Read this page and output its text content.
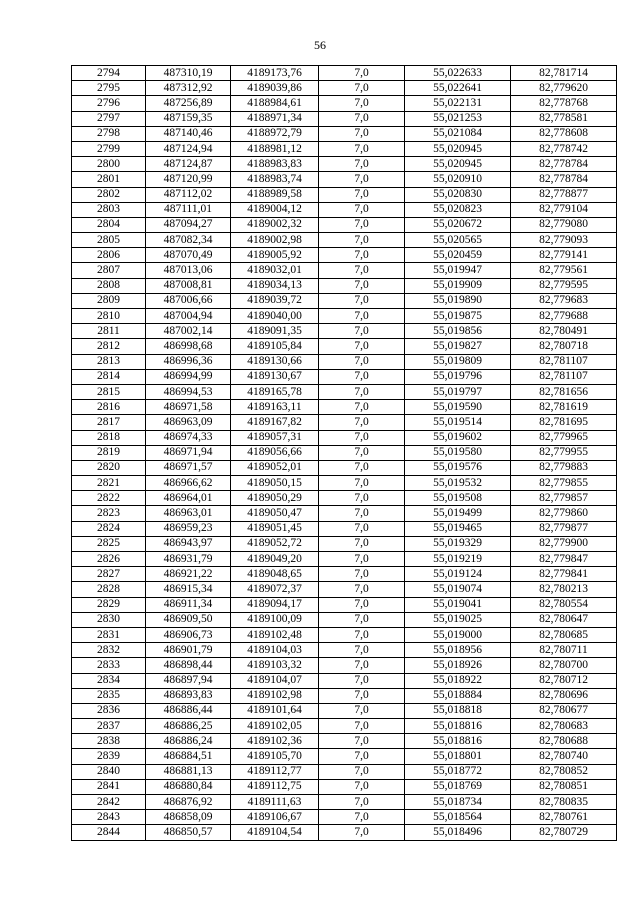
56
2794	487310,19	4189173,76	7,0	55,022633	82,781714
2795	487312,92	4189039,86	7,0	55,022641	82,779620
2796	487256,89	4188984,61	7,0	55,022131	82,778768
2797	487159,35	4188971,34	7,0	55,021253	82,778581
2798	487140,46	4188972,79	7,0	55,021084	82,778608
2799	487124,94	4188981,12	7,0	55,020945	82,778742
2800	487124,87	4188983,83	7,0	55,020945	82,778784
2801	487120,99	4188983,74	7,0	55,020910	82,778784
2802	487112,02	4188989,58	7,0	55,020830	82,778877
2803	487111,01	4189004,12	7,0	55,020823	82,779104
2804	487094,27	4189002,32	7,0	55,020672	82,779080
2805	487082,34	4189002,98	7,0	55,020565	82,779093
2806	487070,49	4189005,92	7,0	55,020459	82,779141
2807	487013,06	4189032,01	7,0	55,019947	82,779561
2808	487008,81	4189034,13	7,0	55,019909	82,779595
2809	487006,66	4189039,72	7,0	55,019890	82,779683
2810	487004,94	4189040,00	7,0	55,019875	82,779688
2811	487002,14	4189091,35	7,0	55,019856	82,780491
2812	486998,68	4189105,84	7,0	55,019827	82,780718
2813	486996,36	4189130,66	7,0	55,019809	82,781107
2814	486994,99	4189130,67	7,0	55,019796	82,781107
2815	486994,53	4189165,78	7,0	55,019797	82,781656
2816	486971,58	4189163,11	7,0	55,019590	82,781619
2817	486963,09	4189167,82	7,0	55,019514	82,781695
2818	486974,33	4189057,31	7,0	55,019602	82,779965
2819	486971,94	4189056,66	7,0	55,019580	82,779955
2820	486971,57	4189052,01	7,0	55,019576	82,779883
2821	486966,62	4189050,15	7,0	55,019532	82,779855
2822	486964,01	4189050,29	7,0	55,019508	82,779857
2823	486963,01	4189050,47	7,0	55,019499	82,779860
2824	486959,23	4189051,45	7,0	55,019465	82,779877
2825	486943,97	4189052,72	7,0	55,019329	82,779900
2826	486931,79	4189049,20	7,0	55,019219	82,779847
2827	486921,22	4189048,65	7,0	55,019124	82,779841
2828	486915,34	4189072,37	7,0	55,019074	82,780213
2829	486911,34	4189094,17	7,0	55,019041	82,780554
2830	486909,50	4189100,09	7,0	55,019025	82,780647
2831	486906,73	4189102,48	7,0	55,019000	82,780685
2832	486901,79	4189104,03	7,0	55,018956	82,780711
2833	486898,44	4189103,32	7,0	55,018926	82,780700
2834	486897,94	4189104,07	7,0	55,018922	82,780712
2835	486893,83	4189102,98	7,0	55,018884	82,780696
2836	486886,44	4189101,64	7,0	55,018818	82,780677
2837	486886,25	4189102,05	7,0	55,018816	82,780683
2838	486886,24	4189102,36	7,0	55,018816	82,780688
2839	486884,51	4189105,70	7,0	55,018801	82,780740
2840	486881,13	4189112,77	7,0	55,018772	82,780852
2841	486880,84	4189112,75	7,0	55,018769	82,780851
2842	486876,92	4189111,63	7,0	55,018734	82,780835
2843	486858,09	4189106,67	7,0	55,018564	82,780761
2844	486850,57	4189104,54	7,0	55,018496	82,780729
